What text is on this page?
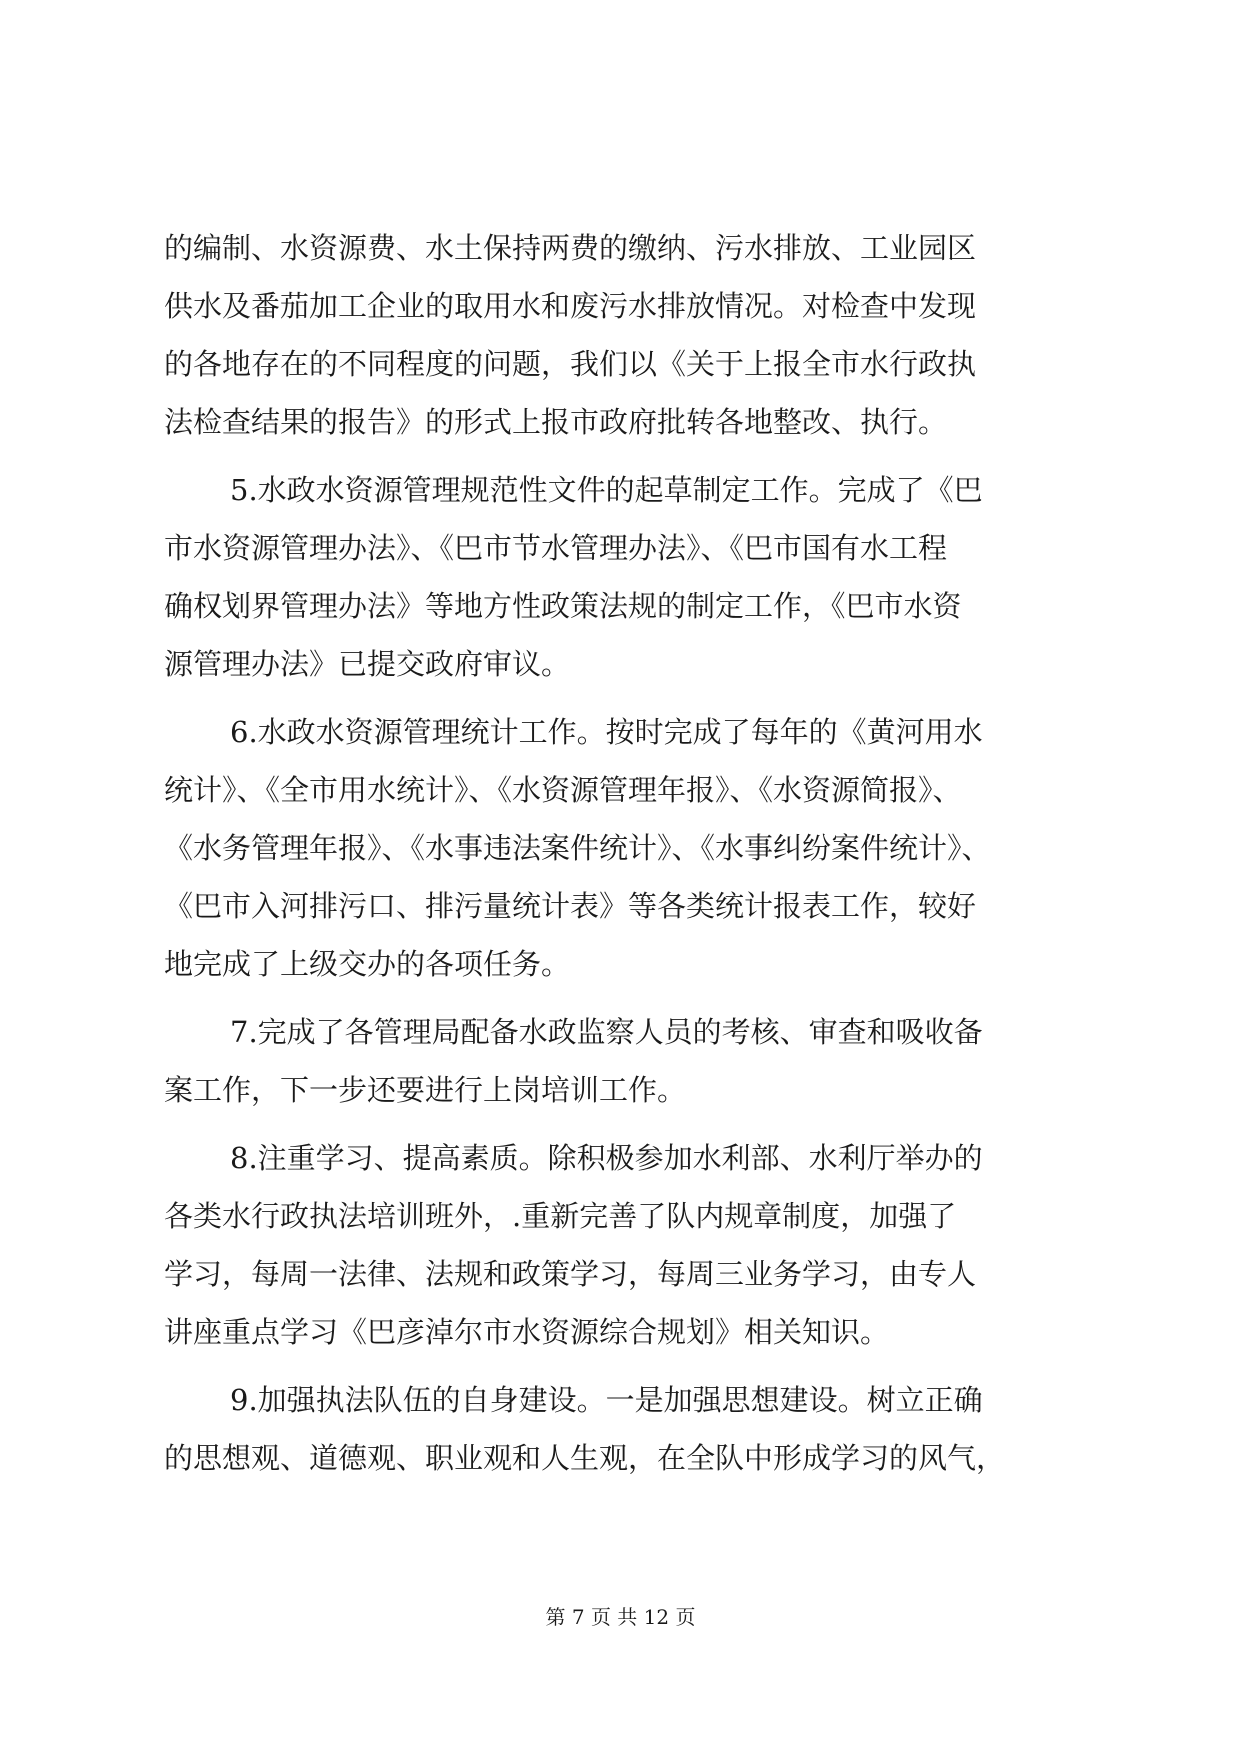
的编制、水资源费、水土保持两费的缴纳、污水排放、工业园区
供水及番茄加工企业的取用水和废污水排放情况。对检查中发现
的各地存在的不同程度的问题，我们以《关于上报全市水行政执
法检查结果的报告》的形式上报市政府批转各地整改、执行。
5.水政水资源管理规范性文件的起草制定工作。完成了《巴
市水资源管理办法》、《巴市节水管理办法》、《巴市国有水工程
确权划界管理办法》等地方性政策法规的制定工作，《巴市水资
源管理办法》已提交政府审议。
6.水政水资源管理统计工作。按时完成了每年的《黄河用水
统计》、《全市用水统计》、《水资源管理年报》、《水资源简报》、
《水务管理年报》、《水事违法案件统计》、《水事纠纷案件统计》、
《巴市入河排污口、排污量统计表》等各类统计报表工作，较好
地完成了上级交办的各项任务。
7.完成了各管理局配备水政监察人员的考核、审查和吸收备
案工作，下一步还要进行上岗培训工作。
8.注重学习、提高素质。除积极参加水利部、水利厅举办的
各类水行政执法培训班外，.重新完善了队内规章制度，加强了
学习，每周一法律、法规和政策学习，每周三业务学习，由专人
讲座重点学习《巴彦淖尔市水资源综合规划》相关知识。
9.加强执法队伍的自身建设。一是加强思想建设。树立正确
的思想观、道德观、职业观和人生观，在全队中形成学习的风气，
第 7 页 共 12 页
